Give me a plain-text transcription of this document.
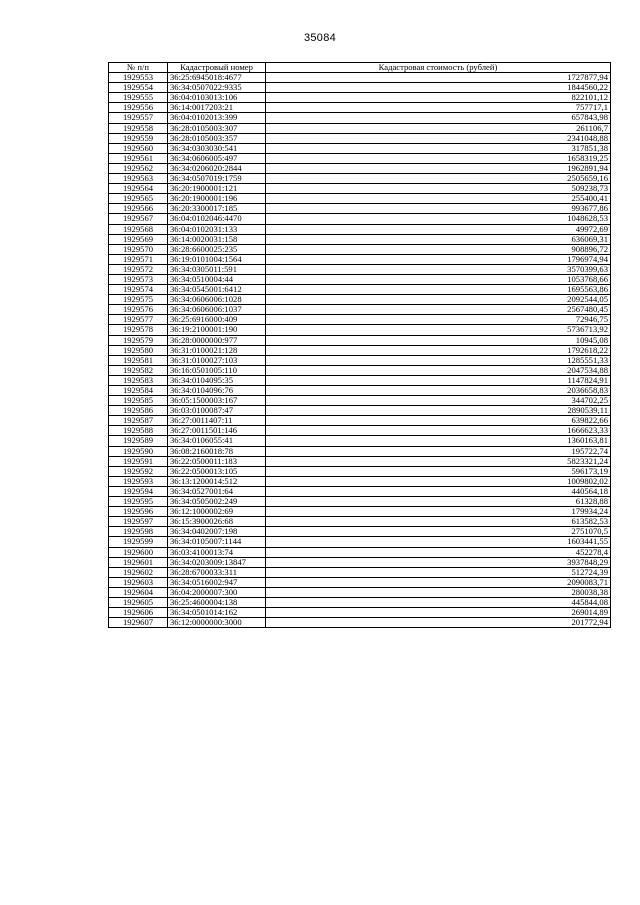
35084
№ п/п	Кадастровый номер	Кадастровая стоимость (рублей)
1929553	36:25:6945018:4677	1727877,94
1929554	36:34:0507022:9335	1844560,22
1929555	36:04:0103013:106	822101,12
1929556	36:14:0017203:21	757717,1
1929557	36:04:0102013:399	657843,98
1929558	36:28:0105003:307	261106,7
1929559	36:28:0105003:357	2341048,88
1929560	36:34:0303030:541	317851,38
1929561	36:34:0606005:497	1658319,25
1929562	36:34:0206020:2844	1962891,94
1929563	36:34:0507019:1759	2505659,16
1929564	36:20:1900001:121	509238,73
1929565	36:20:1900001:196	255400,41
1929566	36:20:3300017:185	993677,86
1929567	36:04:0102046:4470	1048628,53
1929568	36:04:0102031:133	49972,69
1929569	36:14:0020031:158	636069,31
1929570	36:28:6600025:235	908896,72
1929571	36:19:0101004:1564	1796974,94
1929572	36:34:0305011:591	3570399,63
1929573	36:34:0510004:44	1053768,66
1929574	36:34:0545001:6412	1695563,86
1929575	36:34:0606006:1028	2092544,05
1929576	36:34:0606006:1037	2567480,45
1929577	36:25:6916000:409	72946,75
1929578	36:19:2100001:190	5736713,92
1929579	36:28:0000000:977	10945,08
1929580	36:31:0100021:128	1792618,22
1929581	36:31:0100027:103	1285551,33
1929582	36:16:0501005:110	2047534,88
1929583	36:34:0104095:35	1147824,91
1929584	36:34:0104096:76	2036658,83
1929585	36:05:1500003:167	344702,25
1929586	36:03:0100087:47	2890539,11
1929587	36:27:0011407:11	639822,66
1929588	36:27:0011501:146	1666623,33
1929589	36:34:0106055:41	1360163,81
1929590	36:08:2160018:78	195722,74
1929591	36:22:0500011:183	5823321,24
1929592	36:22:0500013:105	596173,19
1929593	36:13:1200014:512	1009802,02
1929594	36:34:0527001:64	440564,18
1929595	36:34:0505002:249	61328,88
1929596	36:12:1000002:69	179934,24
1929597	36:15:3900026:68	613582,53
1929598	36:34:0402007:198	2751070,5
1929599	36:34:0105007:1144	1603441,55
1929600	36:03:4100013:74	452278,4
1929601	36:34:0203009:13847	3937848,29
1929602	36:28:6700033:311	512724,39
1929603	36:34:0516002:947	2090083,71
1929604	36:04:2000007:300	280038,38
1929605	36:25:4600004:138	445844,08
1929606	36:34:0501014:162	269014,89
1929607	36:12:0000000:3000	201772,94
